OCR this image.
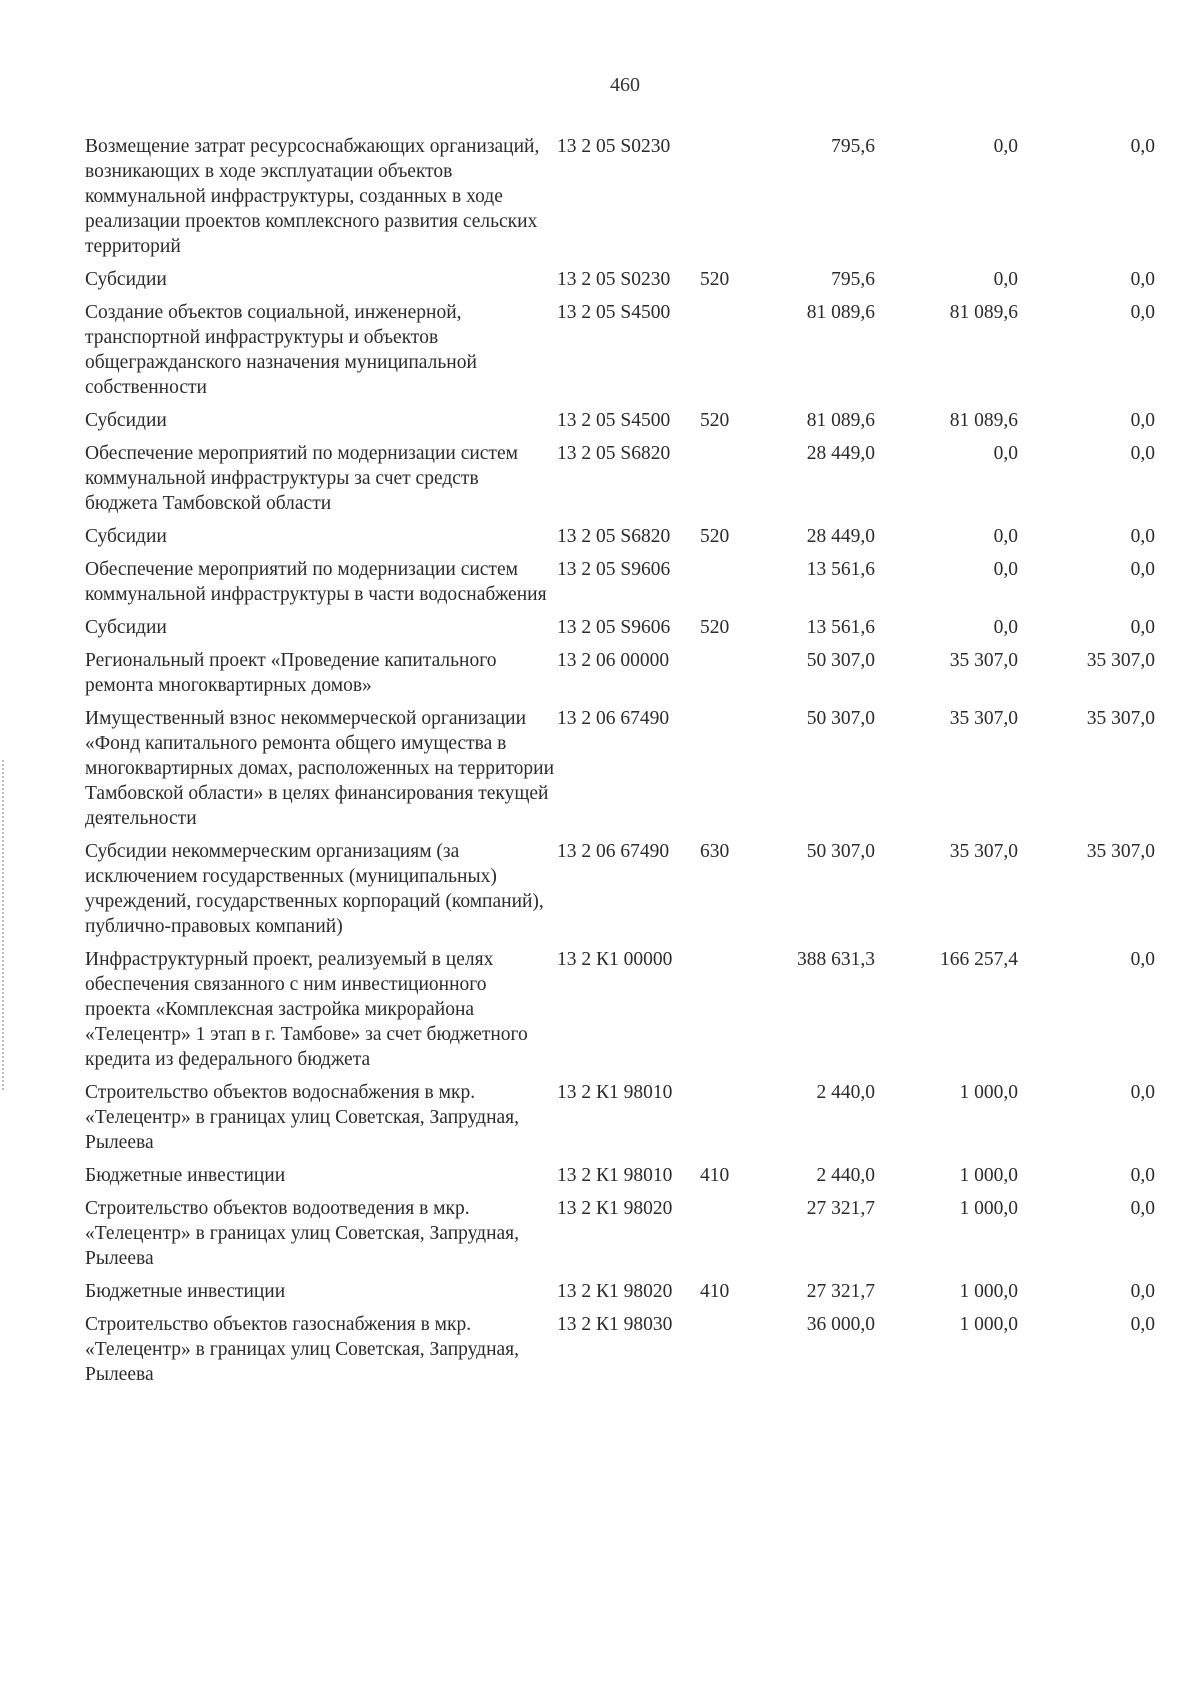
460
Возмещение затрат ресурсоснабжающих организаций, возникающих в ходе эксплуатации объектов коммунальной инфраструктуры, созданных в ходе реализации проектов комплексного развития сельских территорий	13 2 05 S0230		795,6	0,0	0,0
Субсидии	13 2 05 S0230	520	795,6	0,0	0,0
Создание объектов социальной, инженерной, транспортной инфраструктуры и объектов общегражданского назначения муниципальной собственности	13 2 05 S4500		81 089,6	81 089,6	0,0
Субсидии	13 2 05 S4500	520	81 089,6	81 089,6	0,0
Обеспечение мероприятий по модернизации систем коммунальной инфраструктуры за счет средств бюджета Тамбовской области	13 2 05 S6820		28 449,0	0,0	0,0
Субсидии	13 2 05 S6820	520	28 449,0	0,0	0,0
Обеспечение мероприятий по модернизации систем коммунальной инфраструктуры в части водоснабжения	13 2 05 S9606		13 561,6	0,0	0,0
Субсидии	13 2 05 S9606	520	13 561,6	0,0	0,0
Региональный проект «Проведение капитального ремонта многоквартирных домов»	13 2 06 00000		50 307,0	35 307,0	35 307,0
Имущественный взнос некоммерческой организации «Фонд капитального ремонта общего имущества в многоквартирных домах, расположенных на территории Тамбовской области» в целях финансирования текущей деятельности	13 2 06 67490		50 307,0	35 307,0	35 307,0
Субсидии некоммерческим организациям (за исключением государственных (муниципальных) учреждений, государственных корпораций (компаний), публично-правовых компаний)	13 2 06 67490	630	50 307,0	35 307,0	35 307,0
Инфраструктурный проект, реализуемый в целях обеспечения связанного с ним инвестиционного проекта «Комплексная застройка микрорайона «Телецентр» 1 этап в г. Тамбове» за счет бюджетного кредита из федерального бюджета	13 2 К1 00000		388 631,3	166 257,4	0,0
Строительство объектов водоснабжения в мкр. «Телецентр» в границах улиц Советская, Запрудная, Рылеева	13 2 К1 98010		2 440,0	1 000,0	0,0
Бюджетные инвестиции	13 2 К1 98010	410	2 440,0	1 000,0	0,0
Строительство объектов водоотведения в мкр. «Телецентр» в границах улиц Советская, Запрудная, Рылеева	13 2 К1 98020		27 321,7	1 000,0	0,0
Бюджетные инвестиции	13 2 К1 98020	410	27 321,7	1 000,0	0,0
Строительство объектов газоснабжения в мкр. «Телецентр» в границах улиц Советская, Запрудная, Рылеева	13 2 К1 98030		36 000,0	1 000,0	0,0
